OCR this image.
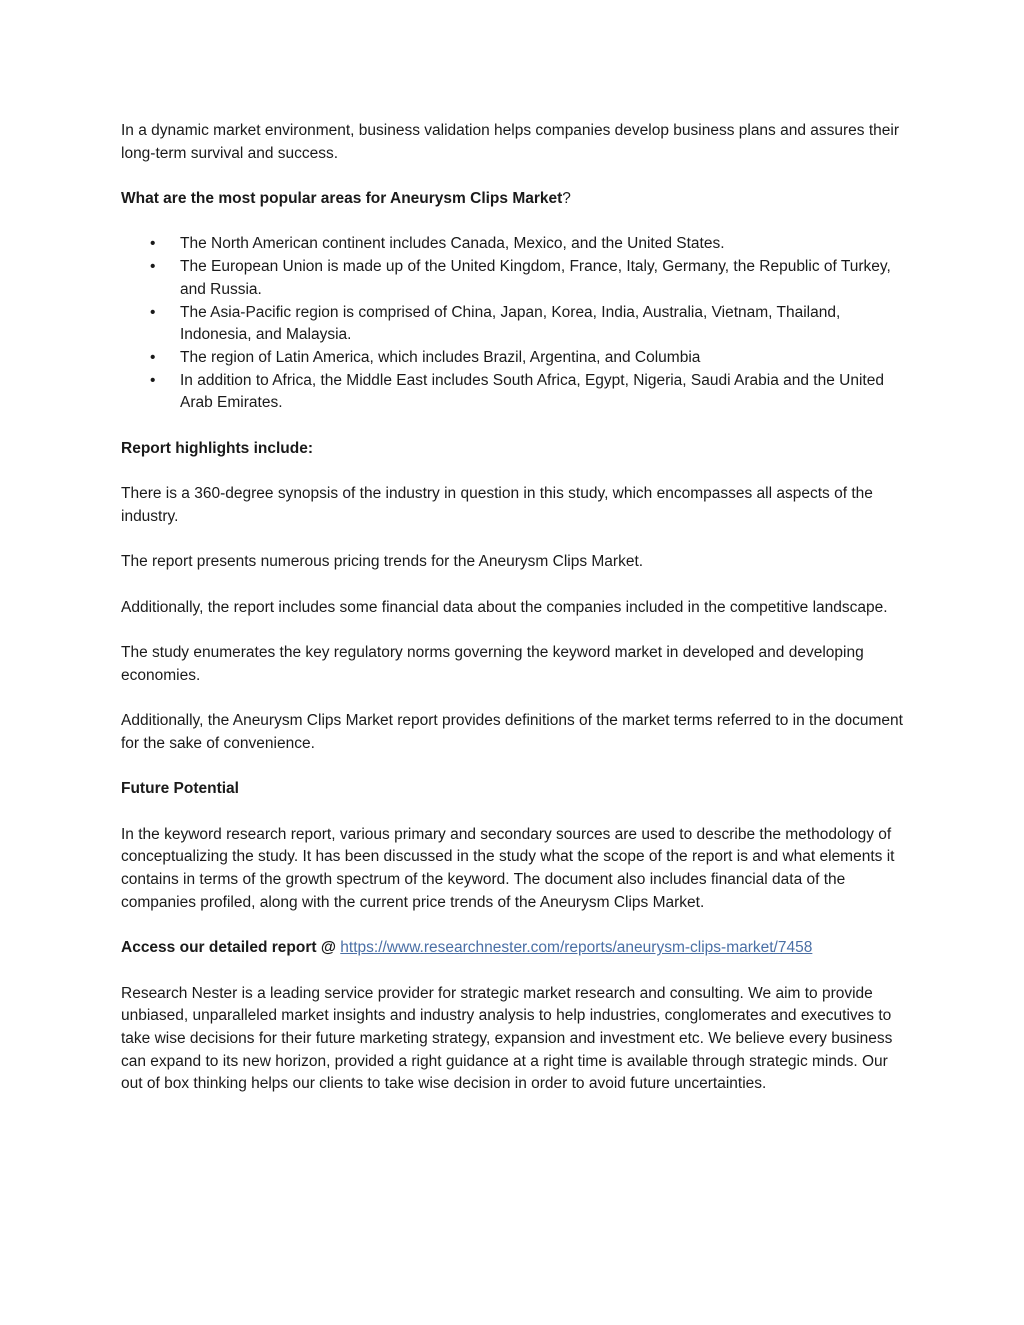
In a dynamic market environment, business validation helps companies develop business plans and assures their long-term survival and success.

What are the most popular areas for Aneurysm Clips Market?

• The North American continent includes Canada, Mexico, and the United States.
• The European Union is made up of the United Kingdom, France, Italy, Germany, the Republic of Turkey, and Russia.
• The Asia-Pacific region is comprised of China, Japan, Korea, India, Australia, Vietnam, Thailand, Indonesia, and Malaysia.
• The region of Latin America, which includes Brazil, Argentina, and Columbia
• In addition to Africa, the Middle East includes South Africa, Egypt, Nigeria, Saudi Arabia and the United Arab Emirates.

Report highlights include:

There is a 360-degree synopsis of the industry in question in this study, which encompasses all aspects of the industry.

The report presents numerous pricing trends for the Aneurysm Clips Market.

Additionally, the report includes some financial data about the companies included in the competitive landscape.

The study enumerates the key regulatory norms governing the keyword market in developed and developing economies.

Additionally, the Aneurysm Clips Market report provides definitions of the market terms referred to in the document for the sake of convenience.

Future Potential

In the keyword research report, various primary and secondary sources are used to describe the methodology of conceptualizing the study. It has been discussed in the study what the scope of the report is and what elements it contains in terms of the growth spectrum of the keyword. The document also includes financial data of the companies profiled, along with the current price trends of the Aneurysm Clips Market.

Access our detailed report @ https://www.researchnester.com/reports/aneurysm-clips-market/7458

Research Nester is a leading service provider for strategic market research and consulting. We aim to provide unbiased, unparalleled market insights and industry analysis to help industries, conglomerates and executives to take wise decisions for their future marketing strategy, expansion and investment etc. We believe every business can expand to its new horizon, provided a right guidance at a right time is available through strategic minds. Our out of box thinking helps our clients to take wise decision in order to avoid future uncertainties.
